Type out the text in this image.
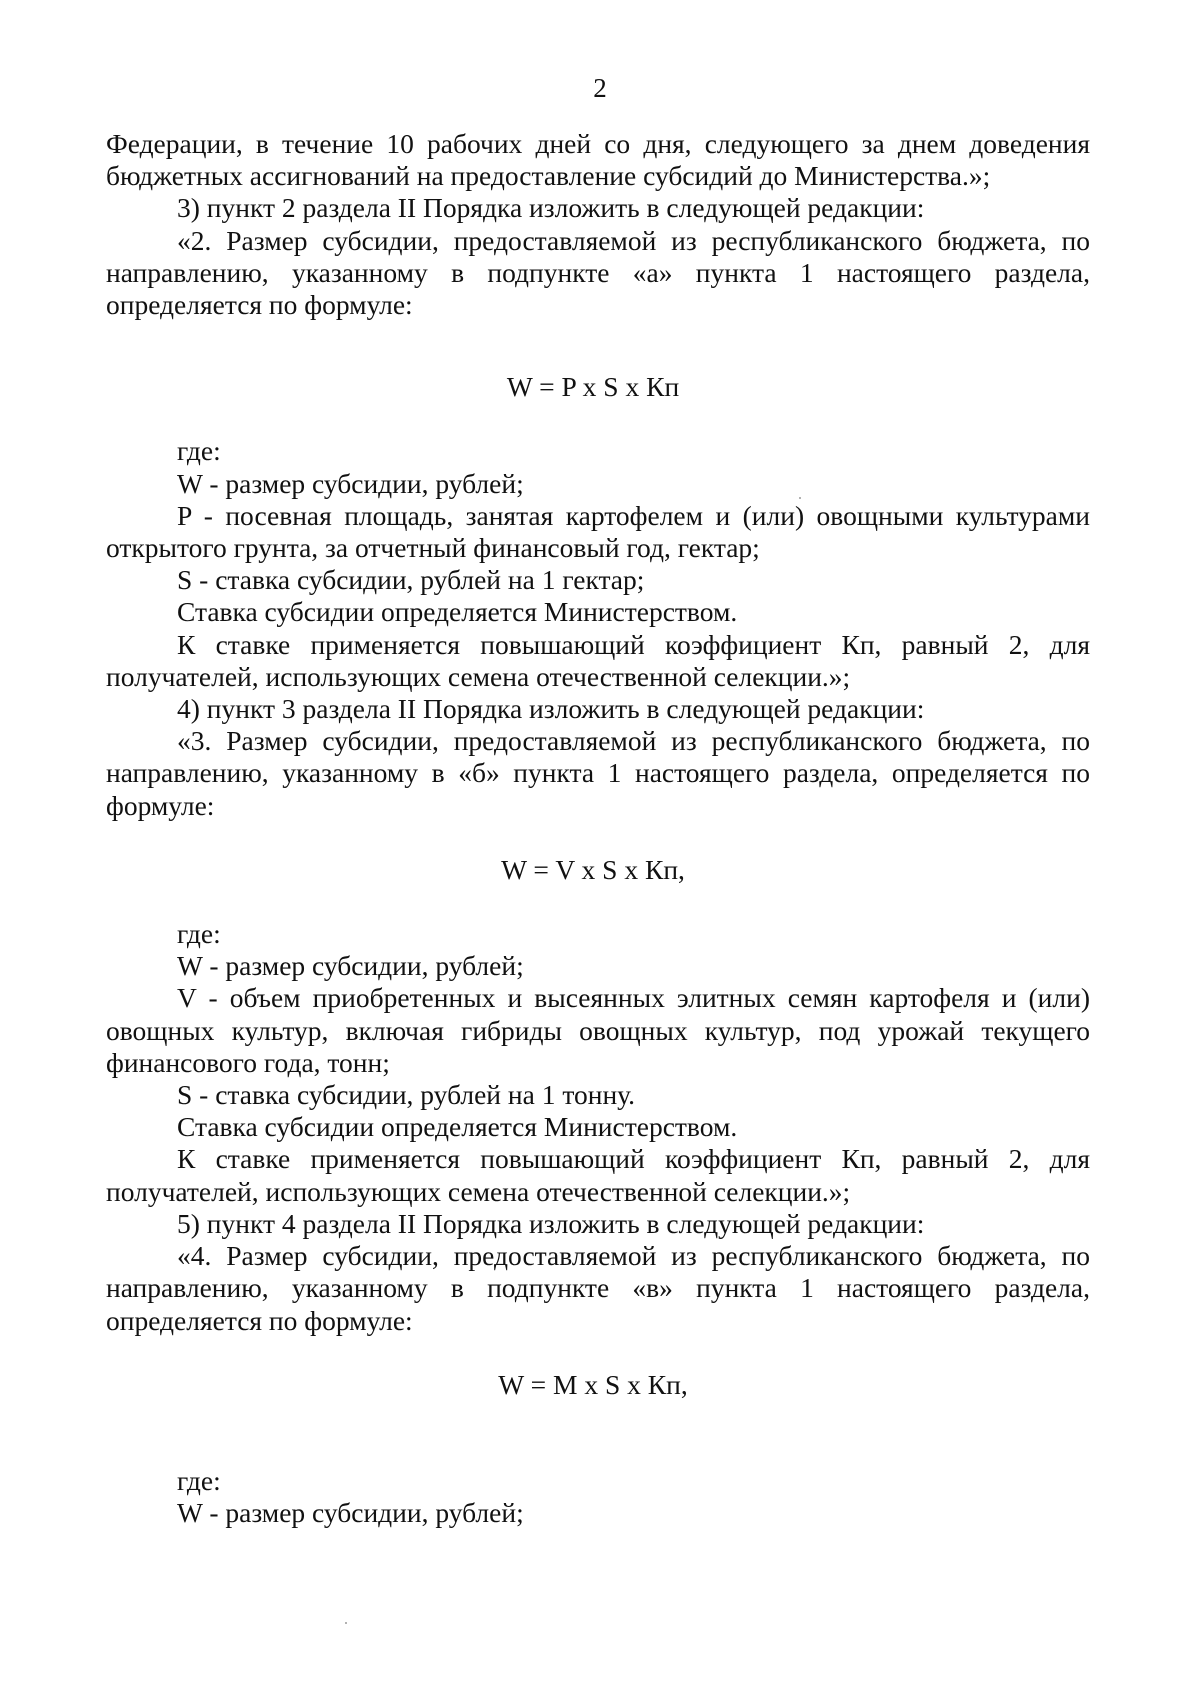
2

Федерации, в течение 10 рабочих дней со дня, следующего за днем доведения бюджетных ассигнований на предоставление субсидий до Министерства.»;

3) пункт 2 раздела II Порядка изложить в следующей редакции:

«2. Размер субсидии, предоставляемой из республиканского бюджета, по направлению, указанному в подпункте «а» пункта 1 настоящего раздела, определяется по формуле:

W = P x S x Кп

где:

W - размер субсидии, рублей;

P - посевная площадь, занятая картофелем и (или) овощными культурами открытого грунта, за отчетный финансовый год, гектар;

S - ставка субсидии, рублей на 1 гектар;

Ставка субсидии определяется Министерством.

К ставке применяется повышающий коэффициент Кп, равный 2, для получателей, использующих семена отечественной селекции.»;

4) пункт 3 раздела II Порядка изложить в следующей редакции:

«3. Размер субсидии, предоставляемой из республиканского бюджета, по направлению, указанному в «б» пункта 1 настоящего раздела, определяется по формуле:

W = V x S x Кп,

где:

W - размер субсидии, рублей;

V - объем приобретенных и высеянных элитных семян картофеля и (или) овощных культур, включая гибриды овощных культур, под урожай текущего финансового года, тонн;

S - ставка субсидии, рублей на 1 тонну.

Ставка субсидии определяется Министерством.

К ставке применяется повышающий коэффициент Кп, равный 2, для получателей, использующих семена отечественной селекции.»;

5) пункт 4 раздела II Порядка изложить в следующей редакции:

«4. Размер субсидии, предоставляемой из республиканского бюджета, по направлению, указанному в подпункте «в» пункта 1 настоящего раздела, определяется по формуле:

W = M x S x Кп,

где:

W - размер субсидии, рублей;
